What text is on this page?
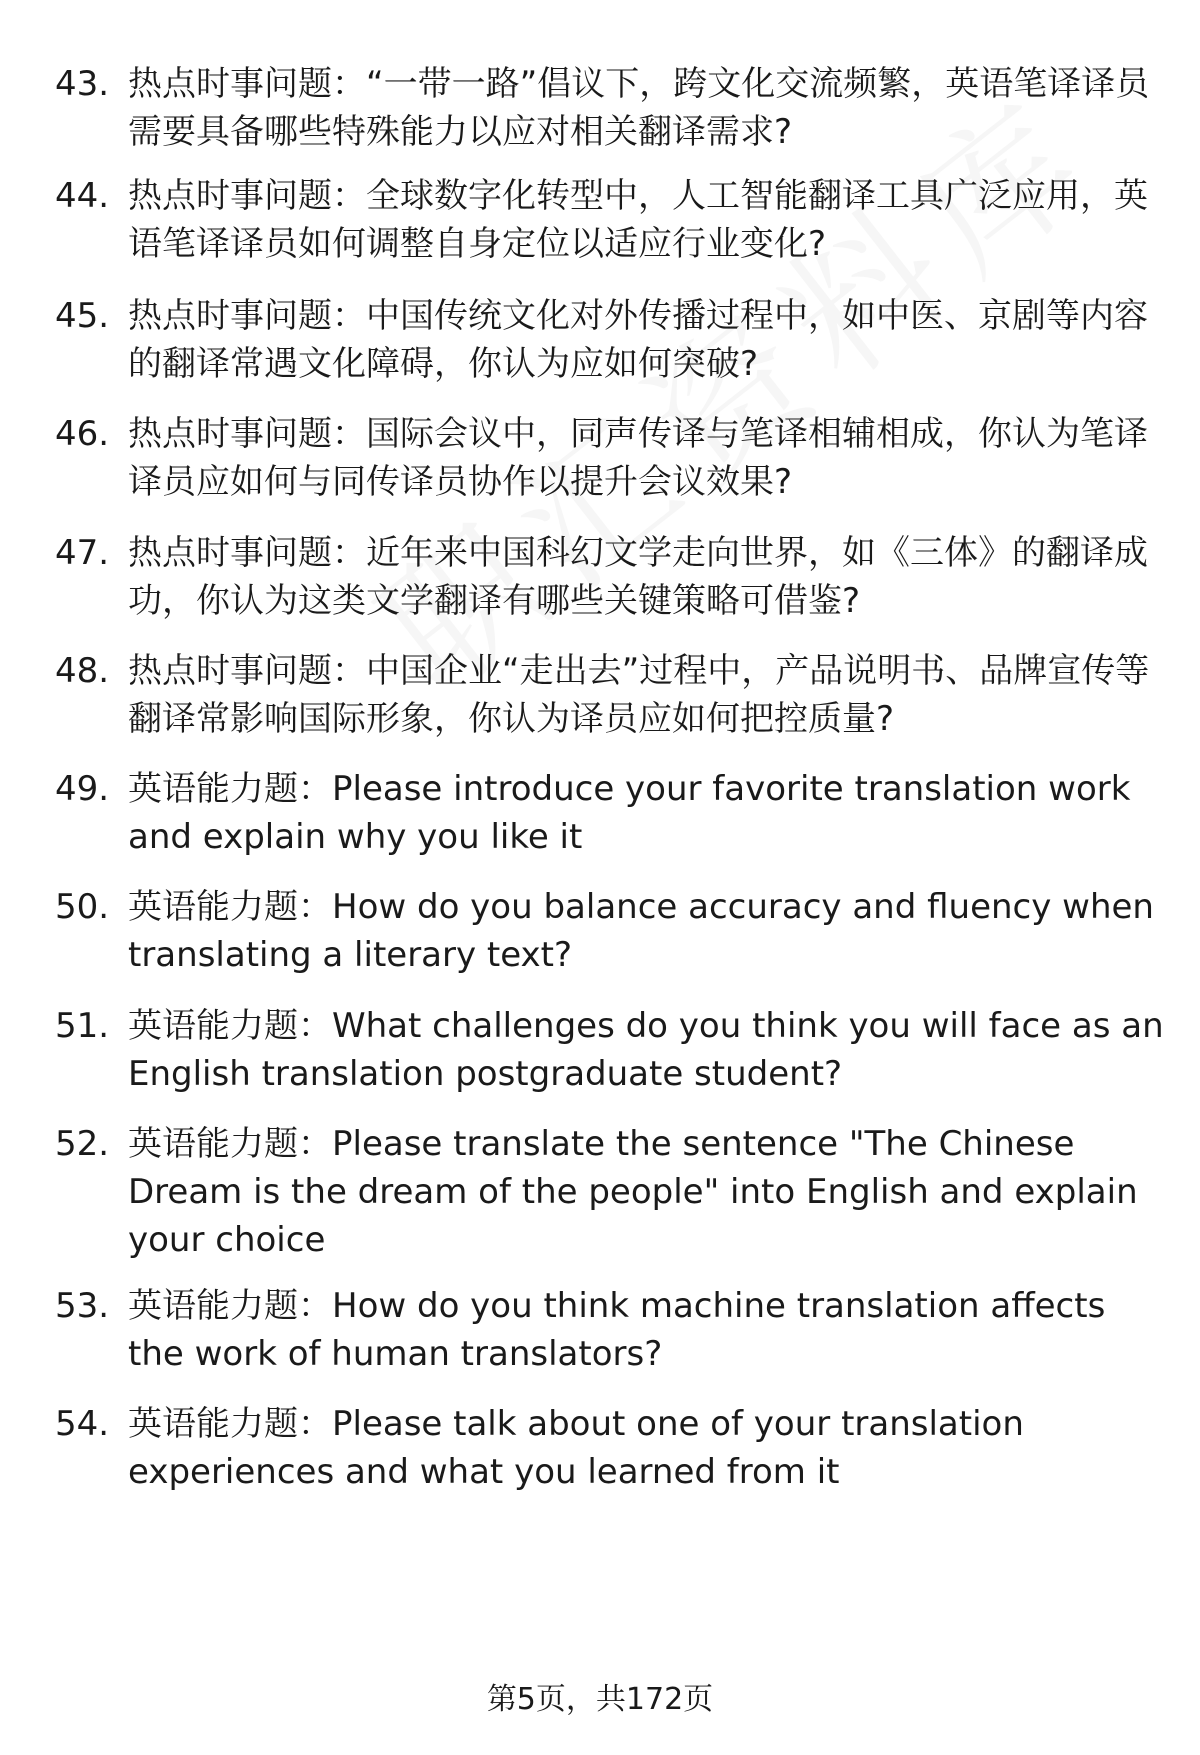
43. 热点时事问题：“一带一路”倡议下，跨文化交流频繁，英语笔译译员需要具备哪些特殊能力以应对相关翻译需求?
44. 热点时事问题：全球数字化转型中，人工智能翻译工具广泛应用，英语笔译译员如何调整自身定位以适应行业变化?
45. 热点时事问题：中国传统文化对外传播过程中，如中医、京剧等内容的翻译常遇文化障碍，你认为应如何突破?
46. 热点时事问题：国际会议中，同声传译与笔译相辅相成，你认为笔译译员应如何与同传译员协作以提升会议效果?
47. 热点时事问题：近年来中国科幻文学走向世界，如《三体》的翻译成功，你认为这类文学翻译有哪些关键策略可借鉴?
48. 热点时事问题：中国企业“走出去”过程中，产品说明书、品牌宣传等翻译常影响国际形象，你认为译员应如何把控质量?
49. 英语能力题：Please introduce your favorite translation work and explain why you like it
50. 英语能力题：How do you balance accuracy and fluency when translating a literary text?
51. 英语能力题：What challenges do you think you will face as an English translation postgraduate student?
52. 英语能力题：Please translate the sentence "The Chinese Dream is the dream of the people" into English and explain your choice
53. 英语能力题：How do you think machine translation affects the work of human translators?
54. 英语能力题：Please talk about one of your translation experiences and what you learned from it
第5页，共172页
